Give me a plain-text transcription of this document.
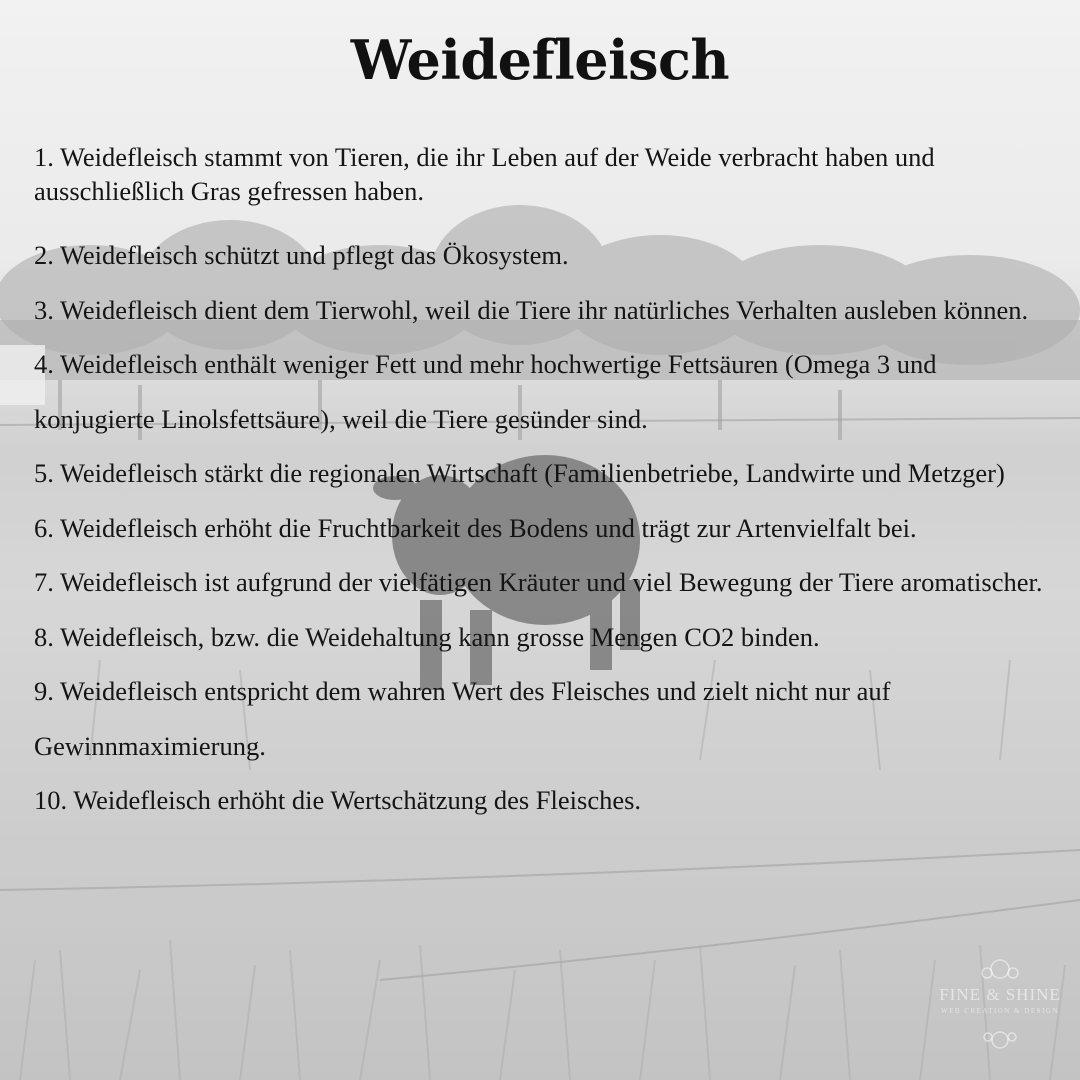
Weidefleisch
1. Weidefleisch stammt von Tieren, die ihr Leben auf der Weide verbracht haben und ausschließlich Gras gefressen haben.
2. Weidefleisch schützt und pflegt das Ökosystem.
3. Weidefleisch dient dem Tierwohl, weil die Tiere ihr natürliches Verhalten ausleben können.
4. Weidefleisch enthält weniger Fett und mehr hochwertige Fettsäuren (Omega 3 und konjugierte Linolsfettsäure), weil die Tiere gesünder sind.
5. Weidefleisch stärkt die regionalen Wirtschaft (Familienbetriebe, Landwirte und Metzger)
6. Weidefleisch erhöht die Fruchtbarkeit des Bodens und trägt zur Artenvielfalt bei.
7. Weidefleisch ist aufgrund der vielfätigen Kräuter und viel Bewegung der Tiere aromatischer.
8. Weidefleisch, bzw. die Weidehaltung kann grosse Mengen CO2 binden.
9. Weidefleisch entspricht dem wahren Wert des Fleisches und zielt nicht nur auf Gewinnmaximierung.
10. Weidefleisch erhöht die Wertschätzung des Fleisches.
FINE & SHINE
WEB CREATION & DESIGN
